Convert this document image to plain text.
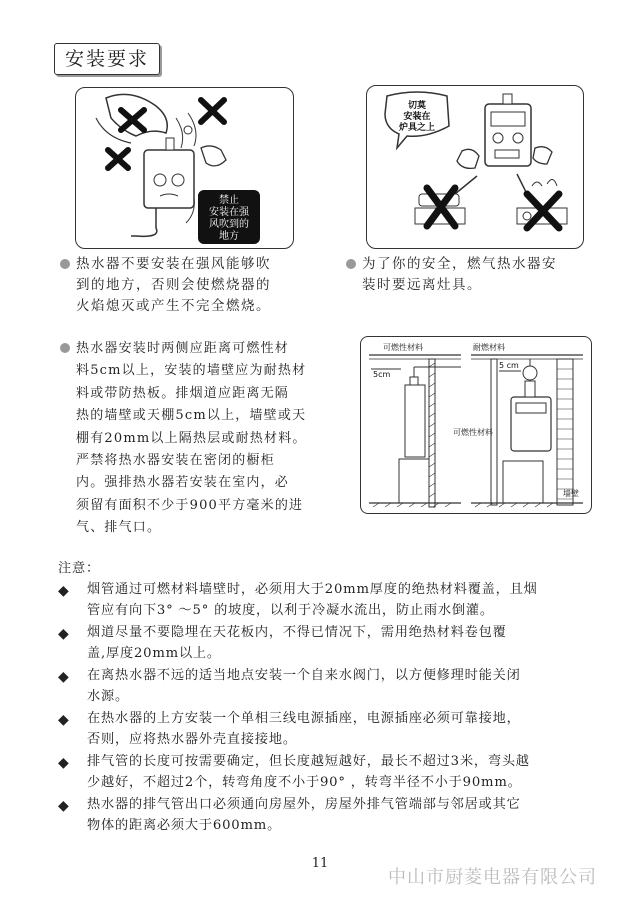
安装要求
禁止
安装在强
风吹到的
地方
切莫
安装在
炉具之上
热水器不要安装在强风能够吹
到的地方，否则会使燃烧器的
火焰熄灭或产生不完全燃烧。
为了你的安全，燃气热水器安
装时要远离灶具。
热水器安装时两侧应距离可燃性材
料5cm以上，安装的墙壁应为耐热材
料或带防热板。排烟道应距离无隔
热的墙壁或天棚5cm以上，墙壁或天
棚有20mm以上隔热层或耐热材料。
严禁将热水器安装在密闭的橱柜
内。强排热水器若安装在室内，必
须留有面积不少于900平方毫米的进
气、排气口。
可燃性材料
5cm
耐燃材料
5 cm
可燃性材料
墙壁
注意：
◆ 烟管通过可燃材料墙壁时，必须用大于20mm厚度的绝热材料覆盖，且烟
管应有向下3° ～5° 的坡度，以利于冷凝水流出，防止雨水倒灌。
◆ 烟道尽量不要隐埋在天花板内，不得已情况下，需用绝热材料卷包覆
盖,厚度20mm以上。
◆ 在离热水器不远的适当地点安装一个自来水阀门，以方便修理时能关闭
水源。
◆ 在热水器的上方安装一个单相三线电源插座，电源插座必须可靠接地，
否则，应将热水器外壳直接接地。
◆ 排气管的长度可按需要确定，但长度越短越好，最长不超过3米，弯头越
少越好，不超过2个，转弯角度不小于90° ，转弯半径不小于90mm。
◆ 热水器的排气管出口必须通向房屋外，房屋外排气管端部与邻居或其它
物体的距离必须大于600mm。
11
中山市厨菱电器有限公司
